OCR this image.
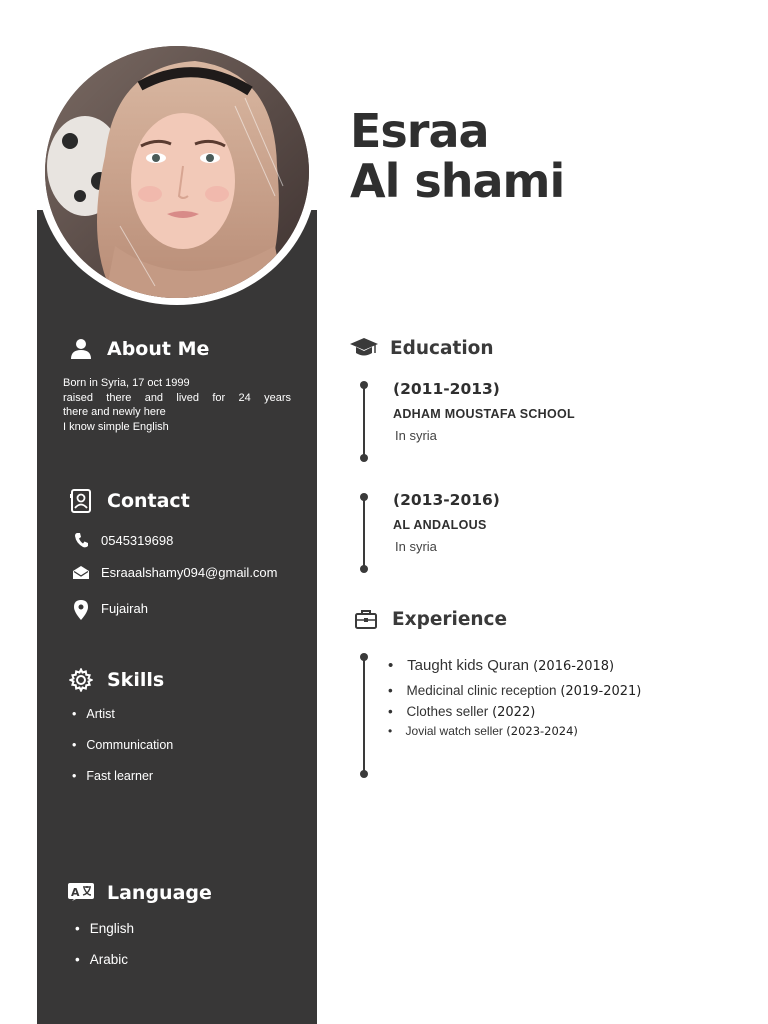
Esraa
Al shami
About Me
Born in Syria, 17 oct 1999
raised there and lived for 24 years
there and newly here
I know simple English
Contact
0545319698
Esraaalshamy094@gmail.com
Fujairah
Skills
• Artist
• Communication
• Fast learner
A Language
• English
• Arabic
Education
(2011-2013)
ADHAM MOUSTAFA SCHOOL
In syria
(2013-2016)
AL ANDALOUS
In syria
Experience
• Taught kids Quran (2016-2018)
• Medicinal clinic reception (2019-2021)
• Clothes seller (2022)
• Jovial watch seller (2023-2024)
